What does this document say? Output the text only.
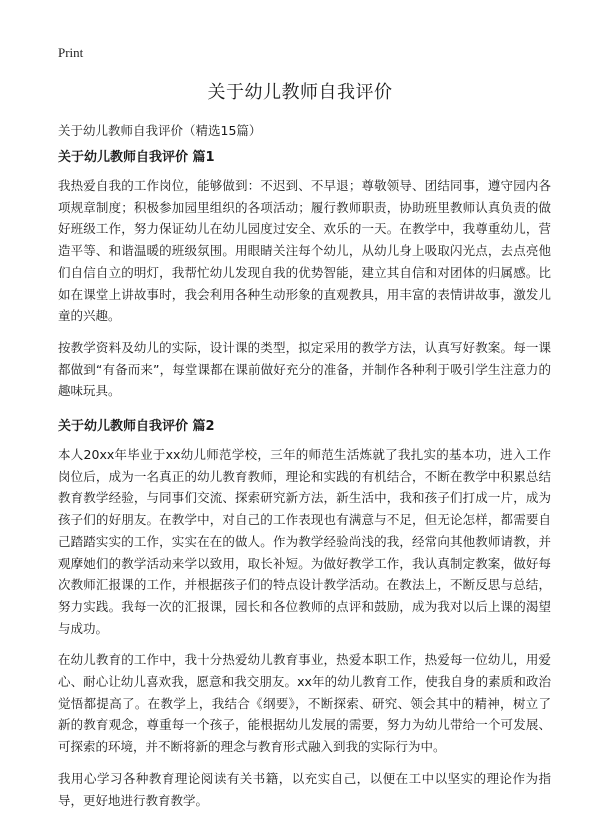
Print
关于幼儿教师自我评价

关于幼儿教师自我评价（精选15篇）

关于幼儿教师自我评价 篇1

我热爱自我的工作岗位，能够做到：不迟到、不早退；尊敬领导、团结同事，遵守园内各项规章制度；积极参加园里组织的各项活动；履行教师职责，协助班里教师认真负责的做好班级工作，努力保证幼儿在幼儿园度过安全、欢乐的一天。在教学中，我尊重幼儿，营造平等、和谐温暖的班级氛围。用眼睛关注每个幼儿，从幼儿身上吸取闪光点，去点亮他们自信自立的明灯，我帮忙幼儿发现自我的优势智能，建立其自信和对团体的归属感。比如在课堂上讲故事时，我会利用各种生动形象的直观教具，用丰富的表情讲故事，激发儿童的兴趣。

按教学资料及幼儿的实际，设计课的类型，拟定采用的教学方法，认真写好教案。每一课都做到“有备而来”，每堂课都在课前做好充分的准备，并制作各种利于吸引学生注意力的趣味玩具。

关于幼儿教师自我评价 篇2

本人20xx年毕业于xx幼儿师范学校，三年的师范生活炼就了我扎实的基本功，进入工作岗位后，成为一名真正的幼儿教育教师，理论和实践的有机结合，不断在教学中积累总结教育教学经验，与同事们交流、探索研究新方法，新生活中，我和孩子们打成一片，成为孩子们的好朋友。在教学中，对自己的工作表现也有满意与不足，但无论怎样，都需要自己踏踏实实的工作，实实在在的做人。作为教学经验尚浅的我，经常向其他教师请教，并观摩她们的教学活动来学以致用，取长补短。为做好教学工作，我认真制定教案，做好每次教师汇报课的工作，并根据孩子们的特点设计教学活动。在教法上，不断反思与总结，努力实践。我每一次的汇报课，园长和各位教师的点评和鼓励，成为我对以后上课的渴望与成功。

在幼儿教育的工作中，我十分热爱幼儿教育事业，热爱本职工作，热爱每一位幼儿，用爱心、耐心让幼儿喜欢我，愿意和我交朋友。xx年的幼儿教育工作，使我自身的素质和政治觉悟都提高了。在教学上，我结合《纲要》，不断探索、研究、领会其中的精神，树立了新的教育观念，尊重每一个孩子，能根据幼儿发展的需要，努力为幼儿带给一个可发展、可探索的环境，并不断将新的理念与教育形式融入到我的实际行为中。

我用心学习各种教育理论阅读有关书籍，以充实自己，以便在工中以坚实的理论作为指导，更好地进行教育教学。
